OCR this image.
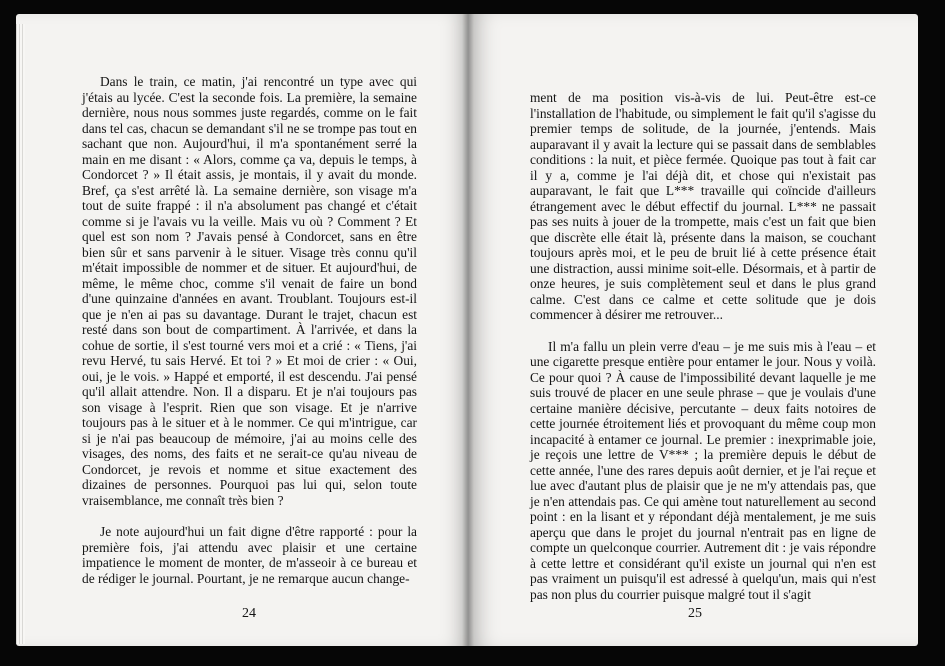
Dans le train, ce matin, j'ai rencontré un type avec qui j'étais au lycée. C'est la seconde fois. La première, la semaine dernière, nous nous sommes juste regardés, comme on le fait dans tel cas, chacun se demandant s'il ne se trompe pas tout en sachant que non. Aujourd'hui, il m'a spontanément serré la main en me disant : « Alors, comme ça va, depuis le temps, à Condorcet ? » Il était assis, je montais, il y avait du monde. Bref, ça s'est arrêté là. La semaine dernière, son visage m'a tout de suite frappé : il n'a absolument pas changé et c'était comme si je l'avais vu la veille. Mais vu où ? Comment ? Et quel est son nom ? J'avais pensé à Condorcet, sans en être bien sûr et sans parvenir à le situer. Visage très connu qu'il m'était impossible de nommer et de situer. Et aujourd'hui, de même, le même choc, comme s'il venait de faire un bond d'une quinzaine d'années en avant. Troublant. Toujours est-il que je n'en ai pas su davantage. Durant le trajet, chacun est resté dans son bout de compartiment. À l'arrivée, et dans la cohue de sortie, il s'est tourné vers moi et a crié : « Tiens, j'ai revu Hervé, tu sais Hervé. Et toi ? » Et moi de crier : « Oui, oui, je le vois. » Happé et emporté, il est descendu. J'ai pensé qu'il allait attendre. Non. Il a disparu. Et je n'ai toujours pas son visage à l'esprit. Rien que son visage. Et je n'arrive toujours pas à le situer et à le nommer. Ce qui m'intrigue, car si je n'ai pas beaucoup de mémoire, j'ai au moins celle des visages, des noms, des faits et ne serait-ce qu'au niveau de Condorcet, je revois et nomme et situe exactement des dizaines de personnes. Pourquoi pas lui qui, selon toute vraisemblance, me connaît très bien ?

Je note aujourd'hui un fait digne d'être rapporté : pour la première fois, j'ai attendu avec plaisir et une certaine impatience le moment de monter, de m'asseoir à ce bureau et de rédiger le journal. Pourtant, je ne remarque aucun change-

24

ment de ma position vis-à-vis de lui. Peut-être est-ce l'installation de l'habitude, ou simplement le fait qu'il s'agisse du premier temps de solitude, de la journée, j'entends. Mais auparavant il y avait la lecture qui se passait dans de semblables conditions : la nuit, et pièce fermée. Quoique pas tout à fait car il y a, comme je l'ai déjà dit, et chose qui n'existait pas auparavant, le fait que L*** travaille qui coïncide d'ailleurs étrangement avec le début effectif du journal. L*** ne passait pas ses nuits à jouer de la trompette, mais c'est un fait que bien que discrète elle était là, présente dans la maison, se couchant toujours après moi, et le peu de bruit lié à cette présence était une distraction, aussi minime soit-elle. Désormais, et à partir de onze heures, je suis complètement seul et dans le plus grand calme. C'est dans ce calme et cette solitude que je dois commencer à désirer me retrouver...

Il m'a fallu un plein verre d'eau – je me suis mis à l'eau – et une cigarette presque entière pour entamer le jour. Nous y voilà. Ce pour quoi ? À cause de l'impossibilité devant laquelle je me suis trouvé de placer en une seule phrase – que je voulais d'une certaine manière décisive, percutante – deux faits notoires de cette journée étroitement liés et provoquant du même coup mon incapacité à entamer ce journal. Le premier : inexprimable joie, je reçois une lettre de V*** ; la première depuis le début de cette année, l'une des rares depuis août dernier, et je l'ai reçue et lue avec d'autant plus de plaisir que je ne m'y attendais pas, que je n'en attendais pas. Ce qui amène tout naturellement au second point : en la lisant et y répondant déjà mentalement, je me suis aperçu que dans le projet du journal n'entrait pas en ligne de compte un quelconque courrier. Autrement dit : je vais répondre à cette lettre et considérant qu'il existe un journal qui n'en est pas vraiment un puisqu'il est adressé à quelqu'un, mais qui n'est pas non plus du courrier puisque malgré tout il s'agit

25
